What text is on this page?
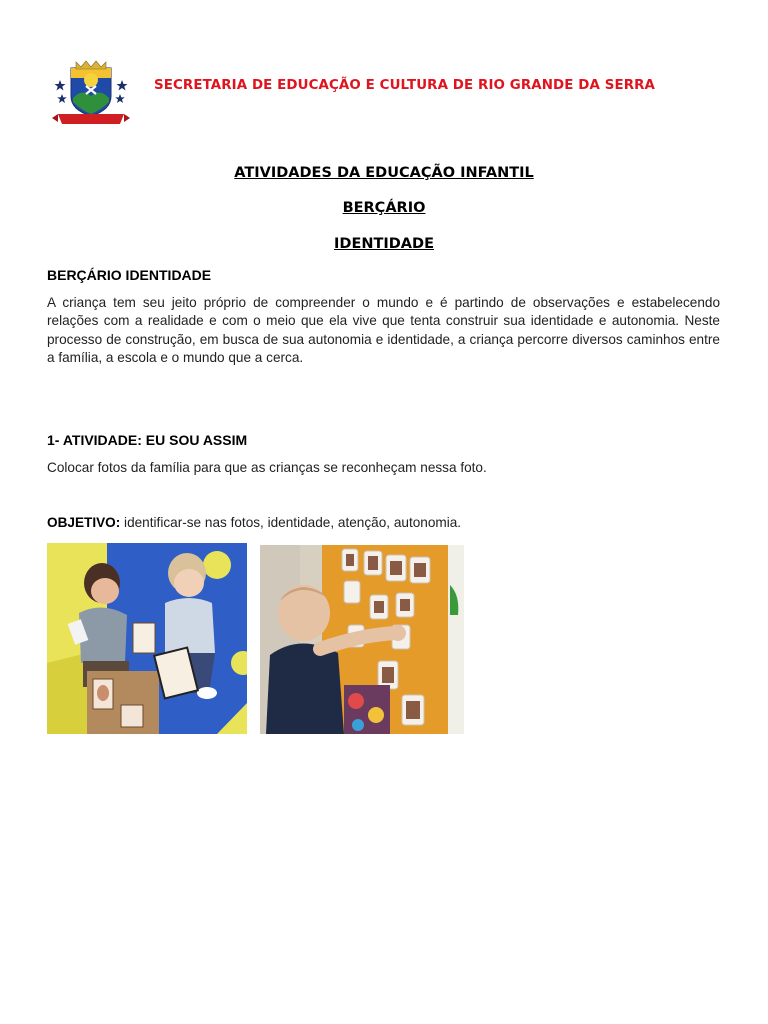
SECRETARIA DE EDUCAÇÃO E CULTURA DE RIO GRANDE DA SERRA
ATIVIDADES DA EDUCAÇÃO INFANTIL
BERÇÁRIO
IDENTIDADE
BERÇÁRIO IDENTIDADE
A criança tem seu jeito próprio de compreender o mundo e é partindo de observações e estabelecendo relações com a realidade e com o meio que ela vive que tenta construir sua identidade e autonomia. Neste processo de construção, em busca de sua autonomia e identidade, a criança percorre diversos caminhos entre a família, a escola e o mundo que a cerca.
1- ATIVIDADE: EU SOU ASSIM
Colocar fotos da família para que as crianças se reconheçam nessa foto.
OBJETIVO: identificar-se nas fotos, identidade, atenção, autonomia.
